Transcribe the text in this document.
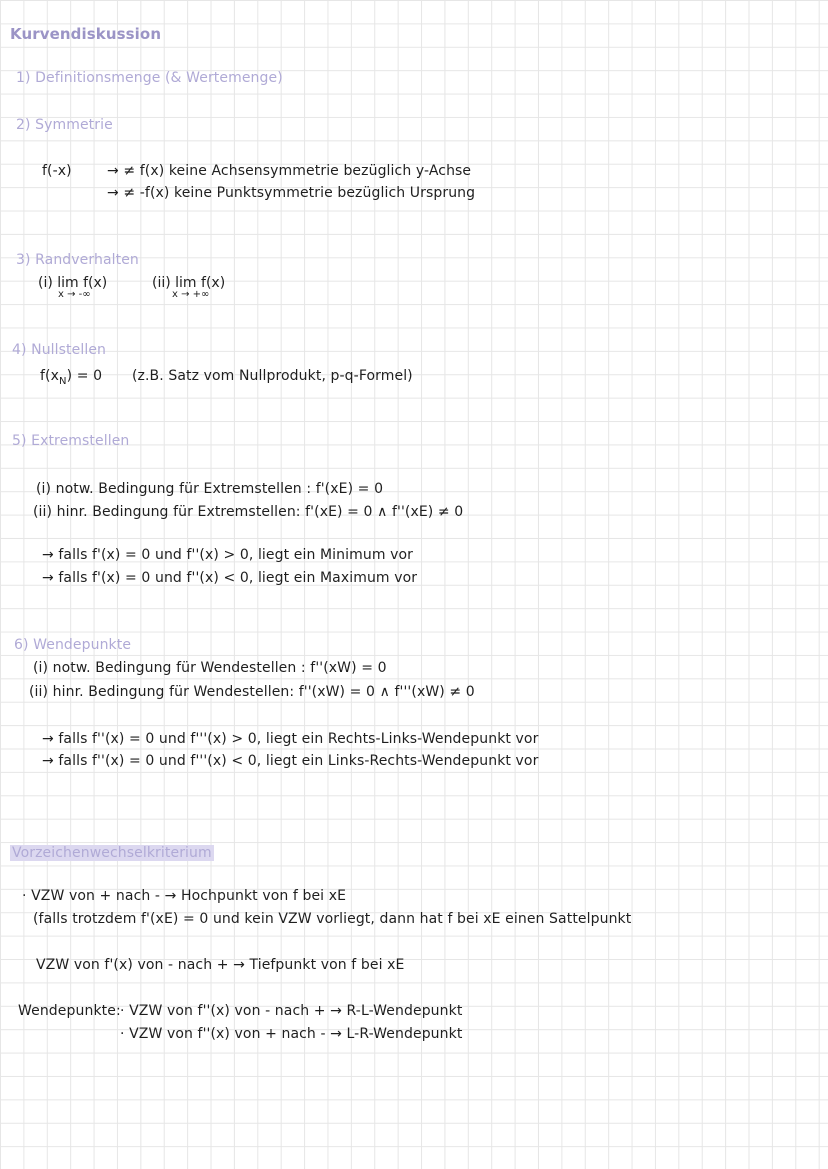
Kurvendiskussion
1) Definitionsmenge (& Wertemenge)
2) Symmetrie
f(-x)	→ ≠ f(x) keine Achsensymmetrie bezüglich y-Achse
→ ≠ -f(x) keine Punktsymmetrie bezüglich Ursprung
3) Randverhalten
(i) lim f(x)
x → -∞
(ii) lim f(x)
x → +∞
4) Nullstellen
$f(x_N) = 0$ (z.B. Satz vom Nullprodukt, p-q-Formel)
5) Extremstellen
(i) notw. Bedingung für Extremstellen : f'(xE) = 0
(ii) hinr. Bedingung für Extremstellen: f'(xE) = 0 ∧ f''(xE) ≠ 0
→ falls f'(x) = 0 und f''(x) > 0, liegt ein Minimum vor
→ falls f'(x) = 0 und f''(x) < 0, liegt ein Maximum vor
6) Wendepunkte
(i) notw. Bedingung für Wendestellen : f''(xW) = 0
(ii) hinr. Bedingung für Wendestellen: f''(xW) = 0 ∧ f'''(xW) ≠ 0
→ falls f''(x) = 0 und f'''(x) > 0, liegt ein Rechts-Links-Wendepunkt vor
→ falls f''(x) = 0 und f'''(x) < 0, liegt ein Links-Rechts-Wendepunkt vor
Vorzeichenwechselkriterium
· VZW von + nach - → Hochpunkt von f bei xE
(falls trotzdem f'(xE) = 0 und kein VZW vorliegt, dann hat f bei xE einen Sattelpunkt
VZW von f'(x) von - nach + → Tiefpunkt von f bei xE
Wendepunkte: · VZW von f''(x) von - nach + → R-L-Wendepunkt
· VZW von f''(x) von + nach - → L-R-Wendepunkt
